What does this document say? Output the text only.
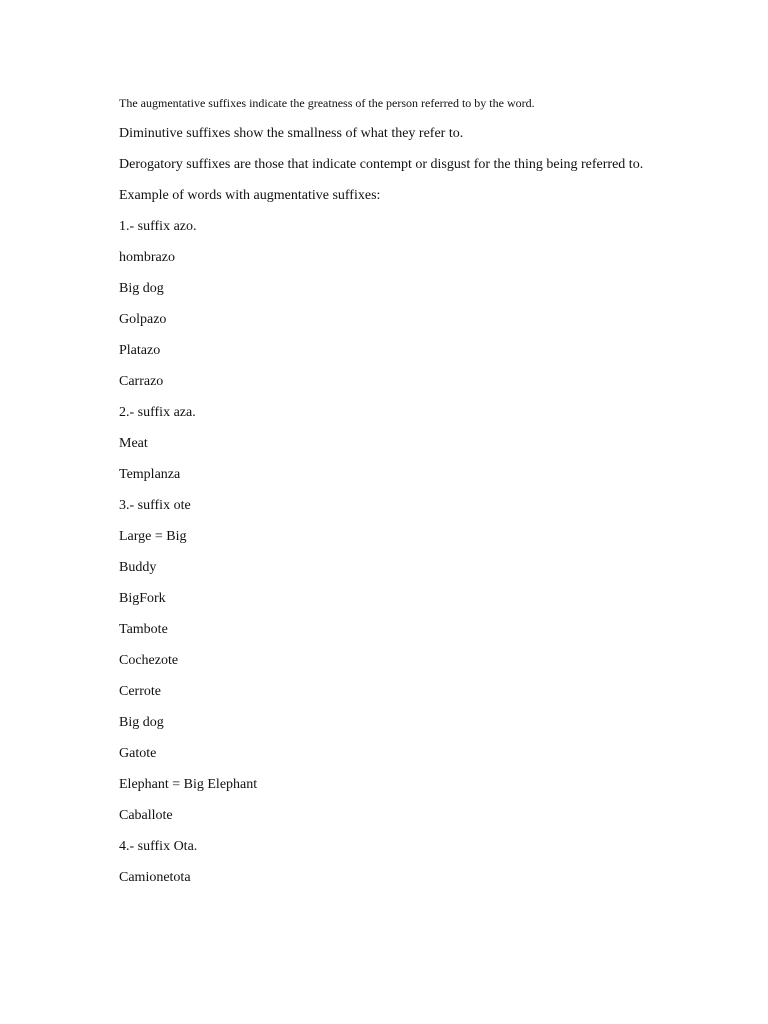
The augmentative suffixes indicate the greatness of the person referred to by the word.
Diminutive suffixes show the smallness of what they refer to.
Derogatory suffixes are those that indicate contempt or disgust for the thing being referred to.
Example of words with augmentative suffixes:
1.- suffix azo.
hombrazo
Big dog
Golpazo
Platazo
Carrazo
2.- suffix aza.
Meat
Templanza
3.- suffix ote
Large = Big
Buddy
BigFork
Tambote
Cochezote
Cerrote
Big dog
Gatote
Elephant = Big Elephant
Caballote
4.- suffix Ota.
Camionetota
